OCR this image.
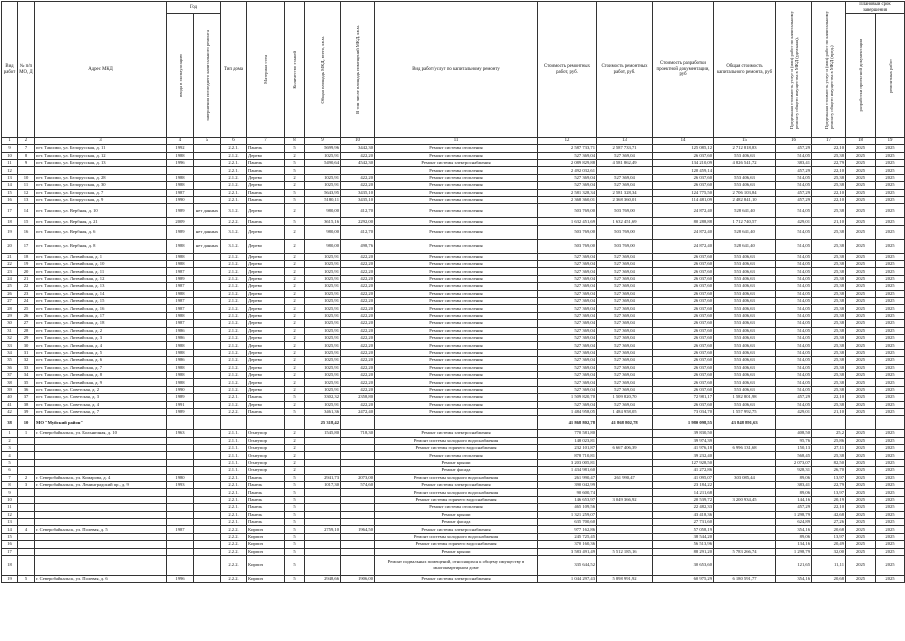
Вид работ	№ п/п МО, Д	Адрес МКД	Год		Тип домa	Материал стен	Количество этажей	Общая площадь МКД, всего, кв.м.	В том числе площадь помещений МКД, кв.м.	Вид работ/услуг по капитальному ремонту	Стоимость ремонтных работ, руб.	Стоимость ремонтных работ, руб.	Стоимость разработки проектной документации, руб	Общая стоимость капитального ремонта, руб	Предельная стоимость услуг и (или) работ по капитальному ремонту общего имущества в МКД (удельная),	Предельная стоимость услуг и (или) работ по капитальному ремонту общего имущества в МКД (пред.)	Плановый срок завершения	

			ввода в эксплуатацию	завершения последнего капитального ремонта													разработки проектной документации	ремонтных работ

1	2	3	4	5	6	7	8	9	10	11	12	13	14	15	16	17	18	19
9	7	пгт. Таксимо, ул. Белорусская, д. 11	1992		2.2.1.	Панель	5	5699,96	3442,30	Ремонт системы отопления	2 587 733,71	2 587 733,71	125 085,12	2 712 818,83	457,29	22,10	2025	2025
10	8	пгт. Таксимо, ул. Белорусская, д. 12	1988		2.1.2.	Дерево	2	1025,91	422,20	Ремонт системы отопления	527 369,04	527 369,04	26 037,60	553 406,63	514,05	25,38	2025	2025
11	9	пгт. Таксимо, ул. Белорусская, д. 13	1996		2.2.1.	Панель	5	5490,64	4542,30	Ремонт системы электроснабжения	2 089 829,88	4 581 862,49	134 210,09	4 826 541,72	383,41	22,79	2025	2025
12					2.2.1.	Панель	5			Ремонт системы отопления	2 492 032,61		120 459,14		457,29	22,10	2025	2025
13	10	пгт. Таксимо, ул. Белорусская, д. 28	1988		2.1.2.	Дерево	2	1025,91	422,20	Ремонт системы отопления	527 369,04	527 369,04	26 037,60	553 406,63	514,05	25,38	2025	2025
14	11	пгт. Таксимо, ул. Белорусская, д. 30	1988		2.1.2.	Дерево	2	1025,91	422,20	Ремонт системы отопления	527 369,04	527 369,04	26 037,60	553 406,63	514,05	25,38	2025	2025
15	12	пгт. Таксимо, ул. Белорусская, д. 7	1987		2.2.1.	Панель	5	5643,95	3435,10	Ремонт системы отопления	2 581 328,34	2 581 328,34	124 775,50	2 706 103,84	457,29	22,10	2025	2025
16	13	пгт. Таксимо, ул. Белорусская, д. 9	1990		2.2.1.	Панель	5	5180,11	3435,10	Ремонт системы отопления	2 368 360,01	2 368 360,01	114 481,09	2 482 841,10	457,29	22,10	2025	2025
17	14	пгт. Таксимо, ул. Вербная, д. 10	1989	нет данных	3.1.2.	Дерево	2	980,00	412,70	Ремонт системы отопления	503 769,00	503 769,00	24 872,40	528 641,40	514,05	25,38	2025	2025
18	15	пгт. Таксимо, ул. Вербная, д. 21	2009		2.2.2.	Панель	5	3615,16	2292,00	Ремонт системы отопления	1 632 451,69	1 632 451,69	80 288,88	1 712 740,57	429,01	21,10	2025	2025
19	16	пгт. Таксимо, ул. Вербная, д. 6	1989	нет данных	3.1.2.	Дерево	2	980,00	412,70	Ремонт системы отопления	503 769,00	503 769,00	24 872,40	528 641,40	514,05	25,38	2025	2025
20	17	пгт. Таксимо, ул. Вербная, д. 8	1988	нет данных	3.1.2.	Дерево	2	980,00	498,76	Ремонт системы отопления	503 769,00	503 769,00	24 872,40	528 641,40	514,05	25,38	2025	2025
21	18	пгт. Таксимо, ул. Литвийская, д. 1	1988		2.1.2.	Дерево	2	1025,91	422,20	Ремонт системы отопления	527 369,04	527 369,04	26 037,60	553 406,63	514,05	25,38	2025	2025
22	19	пгт. Таксимо, ул. Литвийская, д. 10	1988		2.1.2.	Дерево	2	1025,91	422,20	Ремонт системы отопления	527 369,04	527 369,04	26 037,60	553 406,63	514,05	25,38	2025	2025
23	20	пгт. Таксимо, ул. Литвийская, д. 11	1987		2.1.2.	Дерево	2	1025,91	422,20	Ремонт системы отопления	527 369,04	527 369,04	26 037,60	553 406,63	514,05	25,38	2025	2025
24	21	пгт. Таксимо, ул. Литвийская, д. 12	1989		2.1.2.	Дерево	2	1025,91	422,20	Ремонт системы отопления	527 369,04	527 369,04	26 037,60	553 406,63	514,05	25,38	2025	2025
25	22	пгт. Таксимо, ул. Литвийская, д. 13	1987		2.1.2.	Дерево	2	1025,91	422,20	Ремонт системы отопления	527 369,04	527 369,04	26 037,60	553 406,63	514,05	25,38	2025	2025
26	23	пгт. Таксимо, ул. Литвийская, д. 14	1988		2.1.2.	Дерево	2	1025,91	422,20	Ремонт системы отопления	527 369,04	527 369,04	26 037,60	553 406,63	514,05	25,38	2025	2025
27	24	пгт. Таксимо, ул. Литвийская, д. 15	1987		2.1.2.	Дерево	2	1025,91	422,20	Ремонт системы отопления	527 369,04	527 369,04	26 037,60	553 406,63	514,05	25,38	2025	2025
28	25	пгт. Таксимо, ул. Литвийская, д. 16	1987		2.1.2.	Дерево	2	1025,91	422,20	Ремонт системы отопления	527 369,04	527 369,04	26 037,60	553 406,63	514,05	25,38	2025	2025
29	26	пгт. Таксимо, ул. Литвийская, д. 17	1988		2.1.2.	Дерево	2	1025,91	422,20	Ремонт системы отопления	527 369,04	527 369,04	26 037,60	553 406,63	514,05	25,38	2025	2025
30	27	пгт. Таксимо, ул. Литвийская, д. 18	1987		2.1.2.	Дерево	2	1025,91	422,20	Ремонт системы отопления	527 369,04	527 369,04	26 037,60	553 406,63	514,05	25,38	2025	2025
31	28	пгт. Таксимо, ул. Литвийская, д. 2	1986		2.1.2.	Дерево	2	1025,91	422,20	Ремонт системы отопления	527 369,04	527 369,04	26 037,60	553 406,63	514,05	25,38	2025	2025
32	29	пгт. Таксимо, ул. Литвийская, д. 3	1986		2.1.2.	Дерево	2	1025,91	422,20	Ремонт системы отопления	527 369,04	527 369,04	26 037,60	553 406,63	514,05	25,38	2025	2025
33	30	пгт. Таксимо, ул. Литвийская, д. 4	1988		2.1.2.	Дерево	2	1025,91	422,20	Ремонт системы отопления	527 369,04	527 369,04	26 037,60	553 406,63	514,05	25,38	2025	2025
34	31	пгт. Таксимо, ул. Литвийская, д. 5	1988		2.1.2.	Дерево	2	1025,91	422,20	Ремонт системы отопления	527 369,04	527 369,04	26 037,60	553 406,63	514,05	25,38	2025	2025
35	32	пгт. Таксимо, ул. Литвийская, д. 6	1986		2.1.2.	Дерево	2	1025,91	422,20	Ремонт системы отопления	527 369,04	527 369,04	26 037,60	553 406,63	514,05	25,38	2025	2025
36	33	пгт. Таксимо, ул. Литвийская, д. 7	1988		2.1.2.	Дерево	2	1025,91	422,20	Ремонт системы отопления	527 369,04	527 369,04	26 037,60	553 406,63	514,05	25,38	2025	2025
37	34	пгт. Таксимо, ул. Литвийская, д. 8	1988		2.1.2.	Дерево	2	1025,91	422,20	Ремонт системы отопления	527 369,04	527 369,04	26 037,60	553 406,63	514,05	25,38	2025	2025
38	35	пгт. Таксимо, ул. Литвийская, д. 9	1988		2.1.2.	Дерево	2	1025,91	422,20	Ремонт системы отопления	527 369,04	527 369,04	26 037,60	553 406,63	514,05	25,38	2025	2025
39	36	пгт. Таксимо, ул. Советская, д. 2	1990		2.1.2.	Дерево	2	1025,91	422,20	Ремонт системы отопления	527 369,04	527 369,04	26 037,60	553 406,63	514,05	25,38	2025	2025
40	37	пгт. Таксимо, ул. Советская, д. 3	1989		2.2.1.	Панель	5	3302,32	2358,80	Ремонт системы отопления	1 509 820,70	1 509 820,70	72 981,17	1 582 801,98	457,29	22,10	2025	2025
41	38	пгт. Таксимо, ул. Советская, д. 4	1991		2.1.2.	Дерево	2	1025,91	422,20	Ремонт системы отопления	527 369,04	527 369,04	26 037,60	553 406,63	514,05	25,38	2025	2025
42	39	пгт. Таксимо, ул. Советская, д. 7	1989		2.2.2.	Панель	5	3461,36	2472,40	Ремонт системы отопления	1 484 958,05	1 484 958,05	73 034,70	1 557 992,75	429,01	21,10	2025	2025
38	10	МО "Муйский район"						25 318,42			41 868 802,78	41 868 802,78	1 980 098,55	43 848 891,63				
1	1	г. Северобайкальск, ул. Больничная, д. 10	1963		2.1.1.	Огнеупор	2	1545,80	718,30	Ремонт системы электроснабжения	770 581,80		39 830,50		408,50	25,2	2025	2025
2					2.1.1.	Огнеупор	2			Ремонт системы холодного водоснабжения	148 023,81		39 974,39		95,76	25,86	2025	2025
3					2.1.1.	Огнеупор	2			Ремонт системы горячего водоснабжения	232 101,87	6 667 406,39	41 976,18	6 996 131,68	150,13	27,11	2025	2025
4					2.1.1.	Огнеупор	2			Ремонт системы отопления	878 710,81		39 232,40		568,45	25,38	2025	2025
5					2.1.1.	Огнеупор	2			Ремонт крыши	3 203 005,81		127 928,50		2 073,07	82,50	2025	2025
6					2.1.1.	Огнеупор	2			Ремонт фасада	1 434 981,60		41 272,86		928,31	26,70	2025	2025
7	2	г. Северобайкальск, ул. Комарова, д. 4	1980		2.2.1.	Панель	5	2941,73	2073,00	Ремонт системы холодного водоснабжения	261 990,47	261 990,47	41 095,07	303 085,44	89,06	13,97	2025	2025
8	3	г. Северобайкальск, ул. Ленинградский пр., д. 9	1993		2.2.1.	Панель	5	1017,30	574,60	Ремонт системы электроснабжения	390 042,99		23 184,22		383,41	22,79	2025	2025
9					2.2.1.	Панель	5			Ремонт системы холодного водоснабжения	90 600,74		14 211,68		89,06	13,97	2025	2025
10					2.2.1.	Панель	5			Ремонт системы горячего водоснабжения	146 653,97	3 049 366,92	20 539,72	3 200 934,45	144,16	20,19	2025	2025
11					2.2.1.	Панель	5			Ремонт системы отопления	465 109,56		22 482,33		457,29	22,10	2025	2025
12					2.2.1.	Панель	5			Ремонт крыши	1 321 259,07		43 418,36		1 298,79	42,68	2025	2025
13					2.2.1.	Панель	5			Ремонт фасада	635 700,60		27 731,60		624,89	27,26	2025	2025
14	4	г. Северобайкальск, ул. Полевая, д. 5	1987		2.2.2.	Кирпич	5	2759,10	1964,50	Ремонт системы электроснабжения	977 162,86		57 058,19		354,16	20,68	2025	2025
15					2.2.2.	Кирпич	5			Ремонт системы холодного водоснабжения	245 725,45		38 544,20		89,06	13,97	2025	2025
16					2.2.2.	Кирпич	5			Ремонт системы горячего водоснабжения	370 160,36		56 513,96		134,16	20,49	2025	2025
17					2.2.2.	Кирпич	5			Ремонт крыши	3 583 491,49	5 512 185,16	88 291,20	5 783 266,74	1 298,79	32,00	2025	2025
18					2.2.2.	Кирпич	5			Ремонт подвальных помещений, относящихся к общему имуществу в многоквартирном доме	335 644,52		30 653,60		121,65	11,11	2025	2025
19	5	г. Северобайкальск, ул. Полевая, д. 6	1996		2.2.2.	Кирпич	5	2948,66	1906,00	Ремонт системы электроснабжения	1 044 297,43	5 898 991,92	60 975,29	6 180 591,77	354,16	20,68	2025	2025
